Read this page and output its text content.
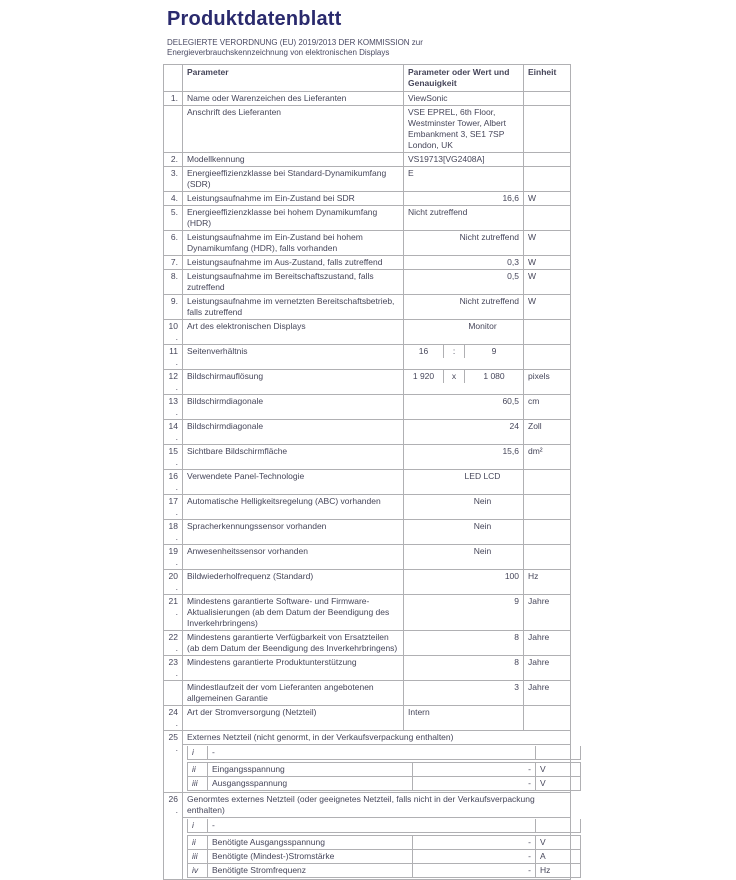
Produktdatenblatt
DELEGIERTE VERORDNUNG (EU) 2019/2013 DER KOMMISSION zur
Energieverbrauchskennzeichnung von elektronischen Displays
	Parameter	Parameter oder Wert und Genauigkeit	Einheit
1.	Name oder Warenzeichen des Lieferanten	ViewSonic	
	Anschrift des Lieferanten	VSE EPREL, 6th Floor, Westminster Tower, Albert Embankment 3, SE1 7SP London, UK	
2.	Modellkennung	VS19713[VG2408A]	
3.	Energieeffizienzklasse bei Standard-Dynamikumfang (SDR)	E	
4.	Leistungsaufnahme im Ein-Zustand bei SDR	16,6	W
5.	Energieeffizienzklasse bei hohem Dynamikumfang (HDR)	Nicht zutreffend	
6.	Leistungsaufnahme im Ein-Zustand bei hohem Dynamikumfang (HDR), falls vorhanden	Nicht zutreffend	W
7.	Leistungsaufnahme im Aus-Zustand, falls zutreffend	0,3	W
8.	Leistungsaufnahme im Bereitschaftszustand, falls zutreffend	0,5	W
9.	Leistungsaufnahme im vernetzten Bereitschaftsbetrieb, falls zutreffend	Nicht zutreffend	W
10.	Art des elektronischen Displays	Monitor	
11.	Seitenverhältnis	16	:	9

12.	Bildschirmauflösung	1 920	x	1 080	pixels
13.	Bildschirmdiagonale	60,5	cm
14.	Bildschirmdiagonale	24	Zoll
15.	Sichtbare Bildschirmfläche	15,6	dm²
16.	Verwendete Panel-Technologie	LED LCD	
17.	Automatische Helligkeitsregelung (ABC) vorhanden	Nein	
18.	Spracherkennungssensor vorhanden	Nein	
19.	Anwesenheitssensor vorhanden	Nein	
20.	Bildwiederholfrequenz (Standard)	100	Hz
21.	Mindestens garantierte Software- und Firmware-Aktualisierungen (ab dem Datum der Beendigung des Inverkehrbringens)	9	Jahre
22.	Mindestens garantierte Verfügbarkeit von Ersatzteilen (ab dem Datum der Beendigung des Inverkehrbringens)	8	Jahre
23.	Mindestens garantierte Produktunterstützung	8	Jahre
	Mindestlaufzeit der vom Lieferanten angebotenen allgemeinen Garantie	3	Jahre
24.	Art der Stromversorgung (Netzteil)	Intern	
25.	Externes Netzteil (nicht genormt, in der Verkaufsverpackung enthalten)

i	-	
ii	Eingangsspannung	-	V
iii	Ausgangsspannung	-	V

26.	Genormtes externes Netzteil (oder geeignetes Netzteil, falls nicht in der Verkaufsverpackung enthalten)

i	-	
ii	Benötigte Ausgangsspannung	-	V
iii	Benötigte (Mindest-)Stromstärke	-	A
iv	Benötigte Stromfrequenz	-	Hz
